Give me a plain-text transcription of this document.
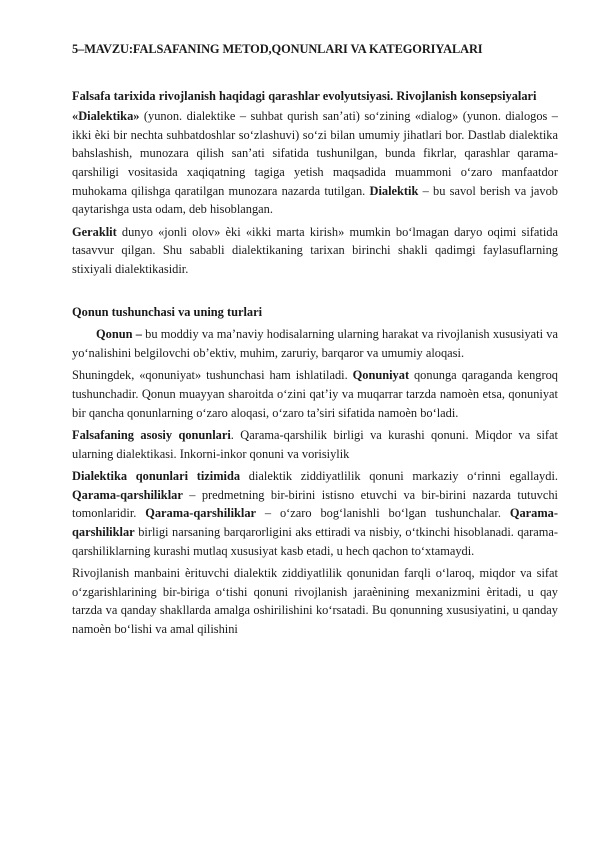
5–MAVZU:FALSAFANING METOD,QONUNLARI VA KATEGORIYALARI
Falsafa tarixida rivojlanish haqidagi qarashlar evolyutsiyasi. Rivojlanish konsepsiyalari

«Dialektika» (yunon. dialektike – suhbat qurish san’ati) so‘zining «dialog» (yunon. dialogos – ikki ѐki bir nechta suhbatdoshlar so‘zlashuvi) so‘zi bilan umumiy jihatlari bor. Dastlab dialektika bahslashish, munozara qilish san’ati sifatida tushunilgan, bunda fikrlar, qarashlar qarama-qarshiligi vositasida xaqiqatning tagiga yetish maqsadida muammoni o‘zaro manfaatdor muhokama qilishga qaratilgan munozara nazarda tutilgan. Dialektik – bu savol berish va javob qaytarishga usta odam, deb hisoblangan.

Geraklit dunyo «jonli olov» ѐki «ikki marta kirish» mumkin bo‘lmagan daryo oqimi sifatida tasavvur qilgan. Shu sababli dialektikaning tarixan birinchi shakli qadimgi faylasuflarning stixiyali dialektikasidir.

Qonun tushunchasi va uning turlari

Qonun – bu moddiy va ma’naviy hodisalarning ularning harakat va rivojlanish xususiyati va yo‘nalishini belgilovchi ob’ektiv, muhim, zaruriy, barqaror va umumiy aloqasi.

Shuningdek, «qonuniyat» tushunchasi ham ishlatiladi. Qonuniyat qonunga qaraganda kengroq tushunchadir. Qonun muayyan sharoitda o‘zini qat’iy va muqarrar tarzda namoѐn etsa, qonuniyat bir qancha qonunlarning o‘zaro aloqasi, o‘zaro ta’siri sifatida namoѐn bo‘ladi.

Falsafaning asosiy qonunlari. Qarama-qarshilik birligi va kurashi qonuni. Miqdor va sifat ularning dialektikasi. Inkorni-inkor qonuni va vorisiylik

Dialektika qonunlari tizimida dialektik ziddiyatlilik qonuni markaziy o‘rinni egallaydi. Qarama-qarshiliklar – predmetning bir-birini istisno etuvchi va bir-birini nazarda tutuvchi tomonlaridir. Qarama-qarshiliklar – o‘zaro bog‘lanishli bo‘lgan tushunchalar. Qarama-qarshiliklar birligi narsaning barqarorligini aks ettiradi va nisbiy, o‘tkinchi hisoblanadi. qarama-qarshiliklarning kurashi mutlaq xususiyat kasb etadi, u hech qachon to‘xtamaydi.

Rivojlanish manbaini ѐrituvchi dialektik ziddiyatlilik qonunidan farqli o‘laroq, miqdor va sifat o‘zgarishlarining bir-biriga o‘tishi qonuni rivojlanish jaraѐnining mexanizmini ѐritadi, u qay tarzda va qanday shakllarda amalga oshirilishini ko‘rsatadi. Bu qonunning xususiyatini, u qanday namoѐn bo‘lishi va amal qilishini
